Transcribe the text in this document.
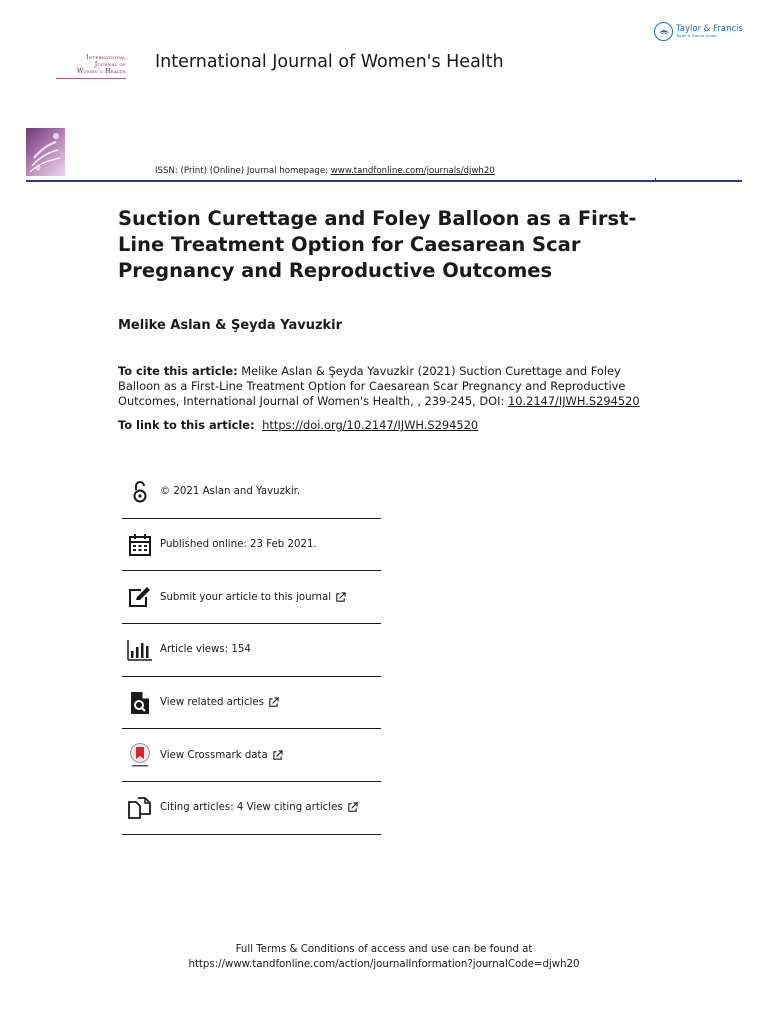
Taylor & Francis
Taylor & Francis Group
International
Journal of
Women's Health International Journal of Women's Health
ISSN: (Print) (Online) Journal homepage: www.tandfonline.com/journals/djwh20
Suction Curettage and Foley Balloon as a First-Line Treatment Option for Caesarean Scar Pregnancy and Reproductive Outcomes
Melike Aslan & Şeyda Yavuzkir
To cite this article: Melike Aslan & Şeyda Yavuzkir (2021) Suction Curettage and Foley Balloon as a First-Line Treatment Option for Caesarean Scar Pregnancy and Reproductive Outcomes, International Journal of Women's Health, , 239-245, DOI: 10.2147/IJWH.S294520
To link to this article: https://doi.org/10.2147/IJWH.S294520
© 2021 Aslan and Yavuzkir.
Published online: 23 Feb 2021.
Submit your article to this journal
Article views: 154
View related articles
View Crossmark data
Citing articles: 4 View citing articles
Full Terms & Conditions of access and use can be found at
https://www.tandfonline.com/action/journalInformation?journalCode=djwh20
